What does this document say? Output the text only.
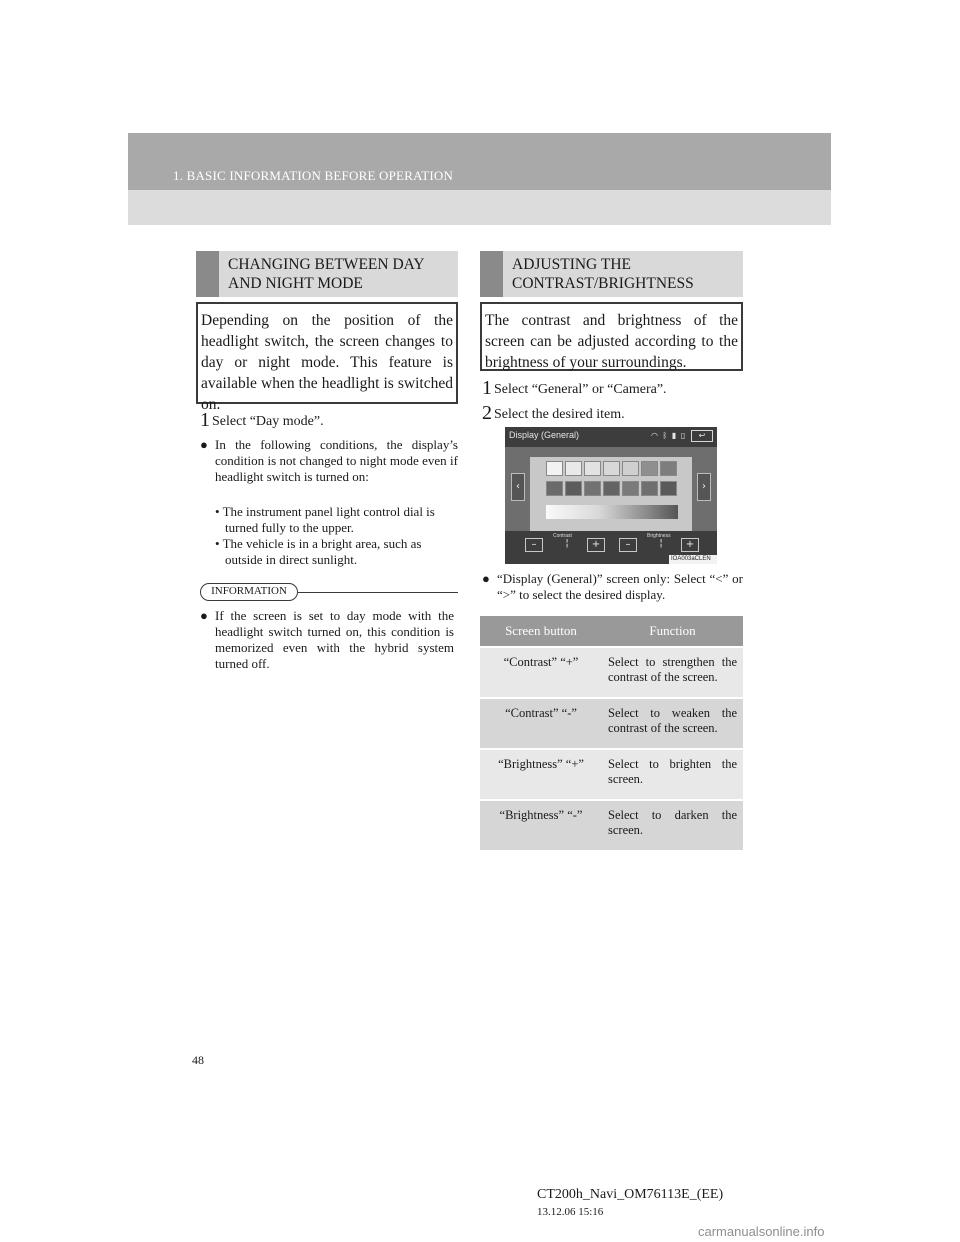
1. BASIC INFORMATION BEFORE OPERATION
CHANGING BETWEEN DAY
AND NIGHT MODE
Depending on the position of the headlight switch, the screen changes to day or night mode. This feature is available when the headlight is switched on.
1 Select “Day mode”.
● In the following conditions, the display’s condition is not changed to night mode even if headlight switch is turned on:
• The instrument panel light control dial is turned fully to the upper.
• The vehicle is in a bright area, such as outside in direct sunlight.
INFORMATION
● If the screen is set to day mode with the headlight switch turned on, this condition is memorized even with the hybrid system turned off.
ADJUSTING THE
CONTRAST/BRIGHTNESS
The contrast and brightness of the screen can be adjusted according to the brightness of your surroundings.
1 Select “General” or “Camera”.
2 Select the desired item.
Display (General)	◠ ᛒ ▮ ▯	↩
‹	›
Contrast	Brightness
–	¦	+	–	¦	+
IOA003aCLEN
● “Display (General)” screen only: Select “<” or “>” to select the desired display.
Screen button	Function
“Contrast” “+”	Select to strengthen the contrast of the screen.
“Contrast” “-”	Select to weaken the contrast of the screen.
“Brightness” “+”	Select to brighten the screen.
“Brightness” “-”	Select to darken the screen.
48
CT200h_Navi_OM76113E_(EE)
13.12.06 15:16
carmanualsonline.info
